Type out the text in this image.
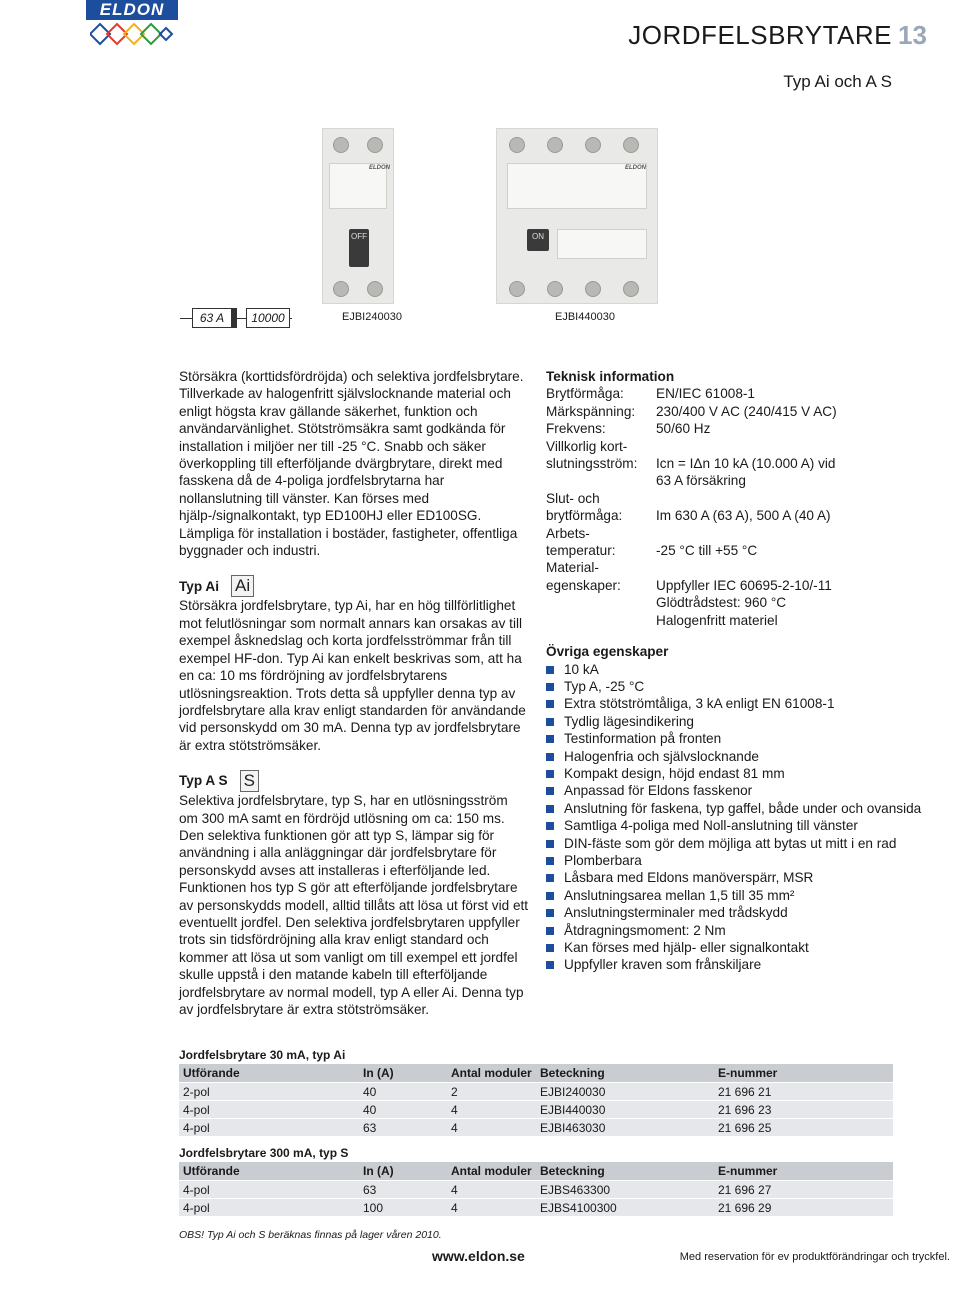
ELDON
JORDFELSBRYTARE 13
Typ Ai och A S
ELDON
OFF
ELDON
ON
63 A	10000	EJBI240030	EJBI440030

Störsäkra (korttidsfördröjda) och selektiva jordfelsbrytare. Tillverkade av halogenfritt självslocknande material och enligt högsta krav gällande säkerhet, funktion och användarvänlighet. Stötströmsäkra samt godkända för installation i miljöer ner till -25 °C. Snabb och säker överkoppling till efterföljande dvärgbrytare, direkt med fasskena då de 4-poliga jordfelsbrytarna har nollanslutning till vänster. Kan förses med hjälp-/signalkontakt, typ ED100HJ eller ED100SG. Lämpliga för installation i bostäder, fastigheter, offentliga byggnader och industri.

Typ Ai Ai

Störsäkra jordfelsbrytare, typ Ai, har en hög tillförlitlighet mot felutlösningar som normalt annars kan orsakas av till exempel åsknedslag och korta jordfelsströmmar från till exempel HF-don. Typ Ai kan enkelt beskrivas som, att ha en ca: 10 ms fördröjning av jordfelsbrytarens utlösningsreaktion. Trots detta så uppfyller denna typ av jordfelsbrytare alla krav enligt standarden för användande vid personskydd om 30 mA. Denna typ av jordfelsbrytare är extra stötströmsäker.

Typ A S S

Selektiva jordfelsbrytare, typ S, har en utlösningsström om 300 mA samt en fördröjd utlösning om ca: 150 ms. Den selektiva funktionen gör att typ S, lämpar sig för användning i alla anläggningar där jordfelsbrytare för personskydd avses att installeras i efterföljande led. Funktionen hos typ S gör att efterföljande jordfelsbrytare av personskydds modell, alltid tillåts att lösa ut först vid ett eventuellt jordfel. Den selektiva jordfelsbrytaren uppfyller trots sin tidsfördröjning alla krav enligt standard och kommer att lösa ut som vanligt om till exempel ett jordfel skulle uppstå i den matande kabeln till efterföljande jordfelsbrytare av normal modell, typ A eller Ai. Denna typ av jordfelsbrytare är extra stötströmsäker.

Teknisk information
Brytförmåga:	EN/IEC 61008-1
Märkspänning:	230/400 V AC (240/415 V AC)
Frekvens:	50/60 Hz
Villkorlig kort-
slutningsström:	Icn = IΔn 10 kA (10.000 A) vid
63 A försäkring
Slut- och
brytförmåga:	Im 630 A (63 A), 500 A (40 A)
Arbets-
temperatur:	-25 °C till +55 °C
Material-
egenskaper:	Uppfyller IEC 60695-2-10/-11
Glödtrådstest: 960 °C
Halogenfritt materiel
Övriga egenskaper
10 kA
Typ A, -25 °C
Extra stötströmtåliga, 3 kA enligt EN 61008-1
Tydlig lägesindikering
Testinformation på fronten
Halogenfria och självslocknande
Kompakt design, höjd endast 81 mm
Anpassad för Eldons fasskenor
Anslutning för faskena, typ gaffel, både under och ovansida
Samtliga 4-poliga med Noll-anslutning till vänster
DIN-fäste som gör dem möjliga att bytas ut mitt i en rad
Plomberbara
Låsbara med Eldons manöverspärr, MSR
Anslutningsarea mellan 1,5 till 35 mm²
Anslutningsterminaler med trådskydd
Åtdragningsmoment: 2 Nm
Kan förses med hjälp- eller signalkontakt
Uppfyller kraven som frånskiljare
Jordfelsbrytare 30 mA, typ Ai
Utförande	In (A)	Antal moduler	Beteckning	E-nummer
2-pol	40	2	EJBI240030	21 696 21
4-pol	40	4	EJBI440030	21 696 23
4-pol	63	4	EJBI463030	21 696 25
Jordfelsbrytare 300 mA, typ S
Utförande	In (A)	Antal moduler	Beteckning	E-nummer
4-pol	63	4	EJBS463300	21 696 27
4-pol	100	4	EJBS4100300	21 696 29
OBS! Typ Ai och S beräknas finnas på lager våren 2010.
www.eldon.se	Med reservation för ev produktförändringar och tryckfel.
